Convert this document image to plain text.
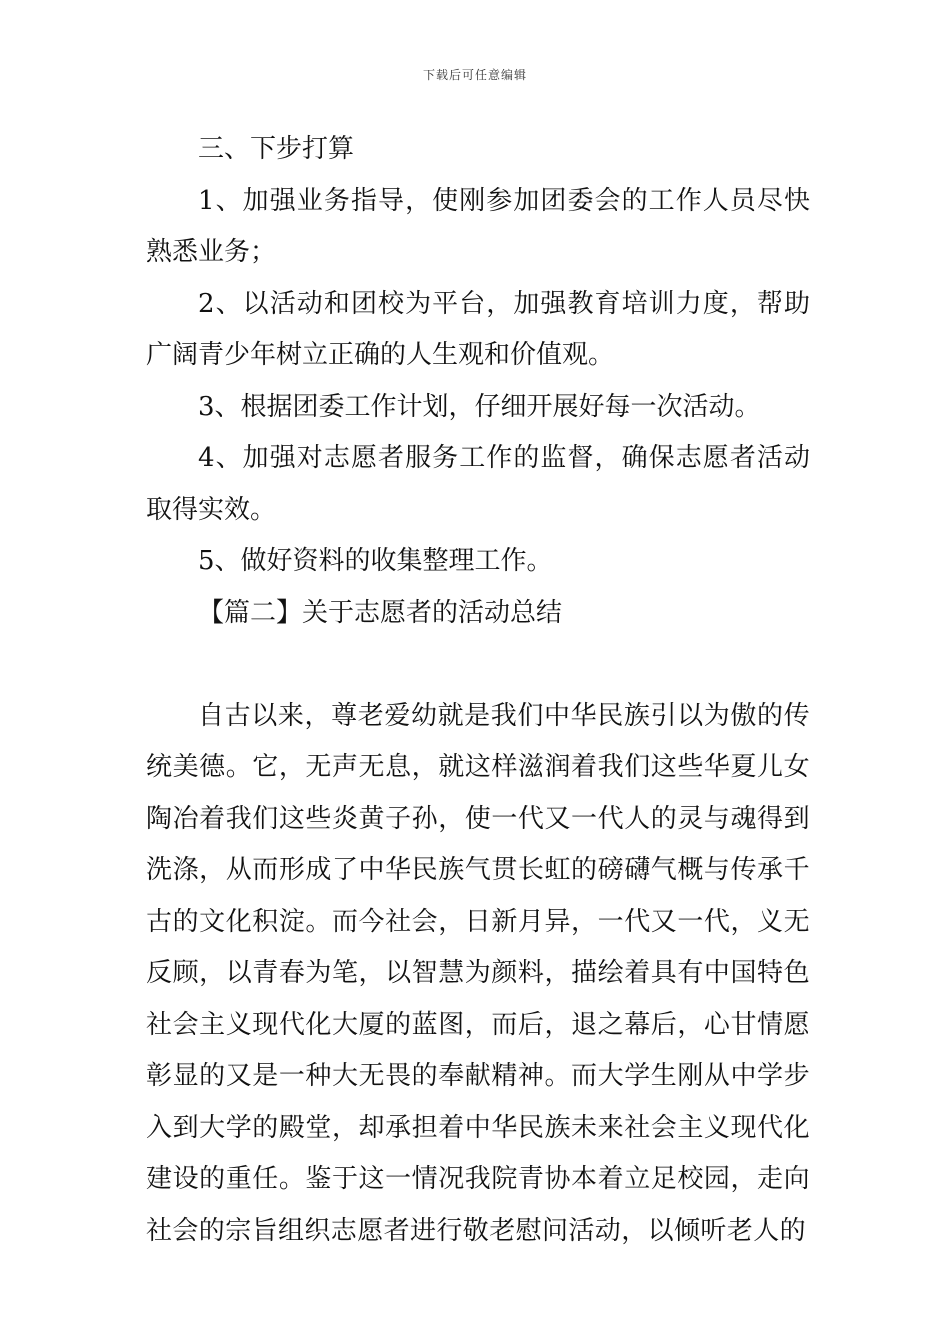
下载后可任意编辑

三、下步打算

1、加强业务指导，使刚参加团委会的工作人员尽快熟悉业务；

2、以活动和团校为平台，加强教育培训力度，帮助广阔青少年树立正确的人生观和价值观。

3、根据团委工作计划，仔细开展好每一次活动。

4、加强对志愿者服务工作的监督，确保志愿者活动取得实效。

5、做好资料的收集整理工作。

【篇二】关于志愿者的活动总结

自古以来，尊老爱幼就是我们中华民族引以为傲的传统美德。它，无声无息，就这样滋润着我们这些华夏儿女陶冶着我们这些炎黄子孙，使一代又一代人的灵与魂得到洗涤，从而形成了中华民族气贯长虹的磅礴气概与传承千古的文化积淀。而今社会，日新月异，一代又一代，义无反顾，以青春为笔，以智慧为颜料，描绘着具有中国特色社会主义现代化大厦的蓝图，而后，退之幕后，心甘情愿彰显的又是一种大无畏的奉献精神。而大学生刚从中学步入到大学的殿堂，却承担着中华民族未来社会主义现代化建设的重任。鉴于这一情况我院青协本着立足校园，走向社会的宗旨组织志愿者进行敬老慰问活动，以倾听老人的
